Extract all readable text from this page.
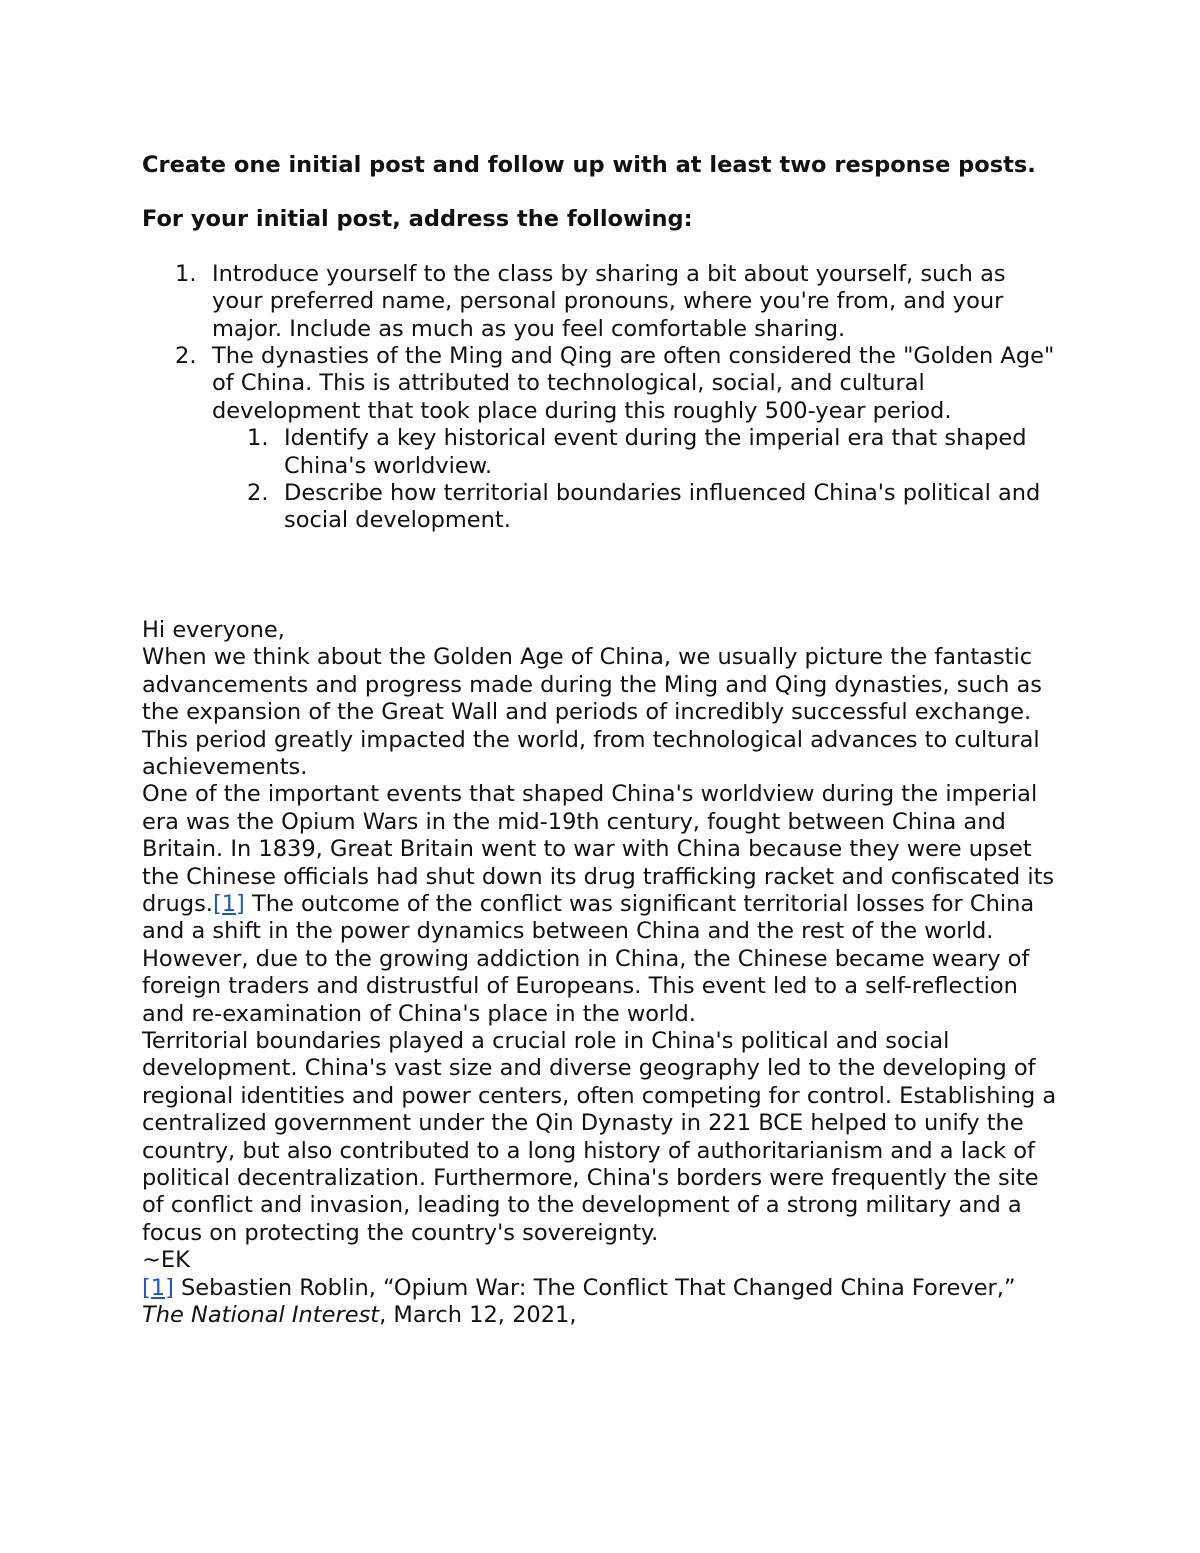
Create one initial post and follow up with at least two response posts.

For your initial post, address the following:

1. Introduce yourself to the class by sharing a bit about yourself, such as your preferred name, personal pronouns, where you're from, and your major. Include as much as you feel comfortable sharing.
2. The dynasties of the Ming and Qing are often considered the "Golden Age" of China. This is attributed to technological, social, and cultural development that took place during this roughly 500-year period.
1. Identify a key historical event during the imperial era that shaped China's worldview.
2. Describe how territorial boundaries influenced China's political and social development.

Hi everyone,

When we think about the Golden Age of China, we usually picture the fantastic advancements and progress made during the Ming and Qing dynasties, such as the expansion of the Great Wall and periods of incredibly successful exchange. This period greatly impacted the world, from technological advances to cultural achievements.

One of the important events that shaped China's worldview during the imperial era was the Opium Wars in the mid-19th century, fought between China and Britain. In 1839, Great Britain went to war with China because they were upset the Chinese officials had shut down its drug trafficking racket and confiscated its drugs.[1] The outcome of the conflict was significant territorial losses for China and a shift in the power dynamics between China and the rest of the world. However, due to the growing addiction in China, the Chinese became weary of foreign traders and distrustful of Europeans. This event led to a self-reflection and re-examination of China's place in the world.

Territorial boundaries played a crucial role in China's political and social development. China's vast size and diverse geography led to the developing of regional identities and power centers, often competing for control. Establishing a centralized government under the Qin Dynasty in 221 BCE helped to unify the country, but also contributed to a long history of authoritarianism and a lack of political decentralization. Furthermore, China's borders were frequently the site of conflict and invasion, leading to the development of a strong military and a focus on protecting the country's sovereignty.

~EK

[1] Sebastien Roblin, “Opium War: The Conflict That Changed China Forever,” The National Interest, March 12, 2021,
